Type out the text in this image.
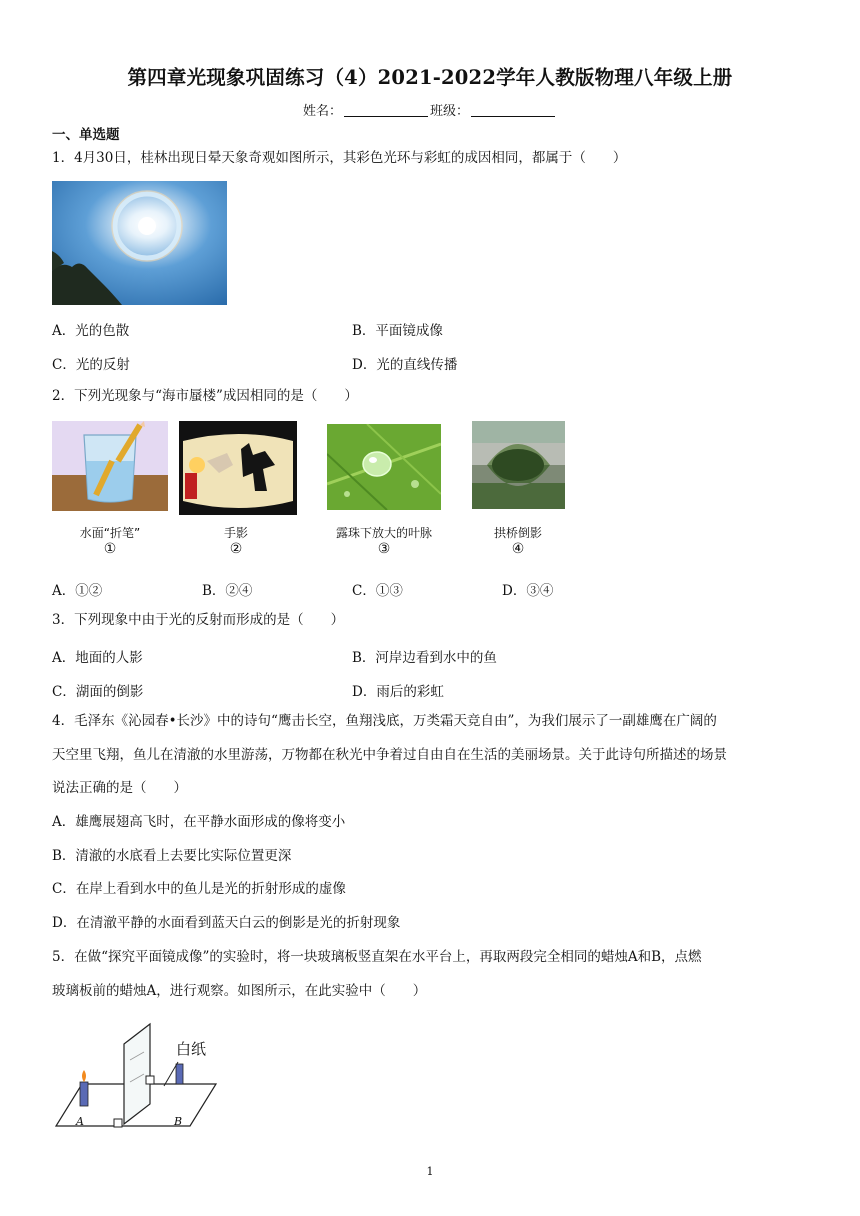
第四章光现象巩固练习（4）2021-2022学年人教版物理八年级上册
姓名：	班级：
一、单选题
1．4月30日，桂林出现日晕天象奇观如图所示，其彩色光环与彩虹的成因相同，都属于（　　）
A．光的色散	B．平面镜成像
C．光的反射	D．光的直线传播
2．下列光现象与“海市蜃楼”成因相同的是（　　）
水面“折笔”	手影	露珠下放大的叶脉	拱桥倒影
①	②	③	④
A．①②	B．②④	C．①③	D．③④
3．下列现象中由于光的反射而形成的是（　　）
A．地面的人影	B．河岸边看到水中的鱼
C．湖面的倒影	D．雨后的彩虹
4．毛泽东《沁园春•长沙》中的诗句“鹰击长空，鱼翔浅底，万类霜天竞自由”，为我们展示了一副雄鹰在广阔的
天空里飞翔，鱼儿在清澈的水里游荡，万物都在秋光中争着过自由自在生活的美丽场景。关于此诗句所描述的场景
说法正确的是（　　）
A．雄鹰展翅高飞时，在平静水面形成的像将变小
B．清澈的水底看上去要比实际位置更深
C．在岸上看到水中的鱼儿是光的折射形成的虚像
D．在清澈平静的水面看到蓝天白云的倒影是光的折射现象
5．在做“探究平面镜成像”的实验时，将一块玻璃板竖直架在水平台上，再取两段完全相同的蜡烛A和B，点燃
玻璃板前的蜡烛A，进行观察。如图所示，在此实验中（　　）
白纸
A	B
1
